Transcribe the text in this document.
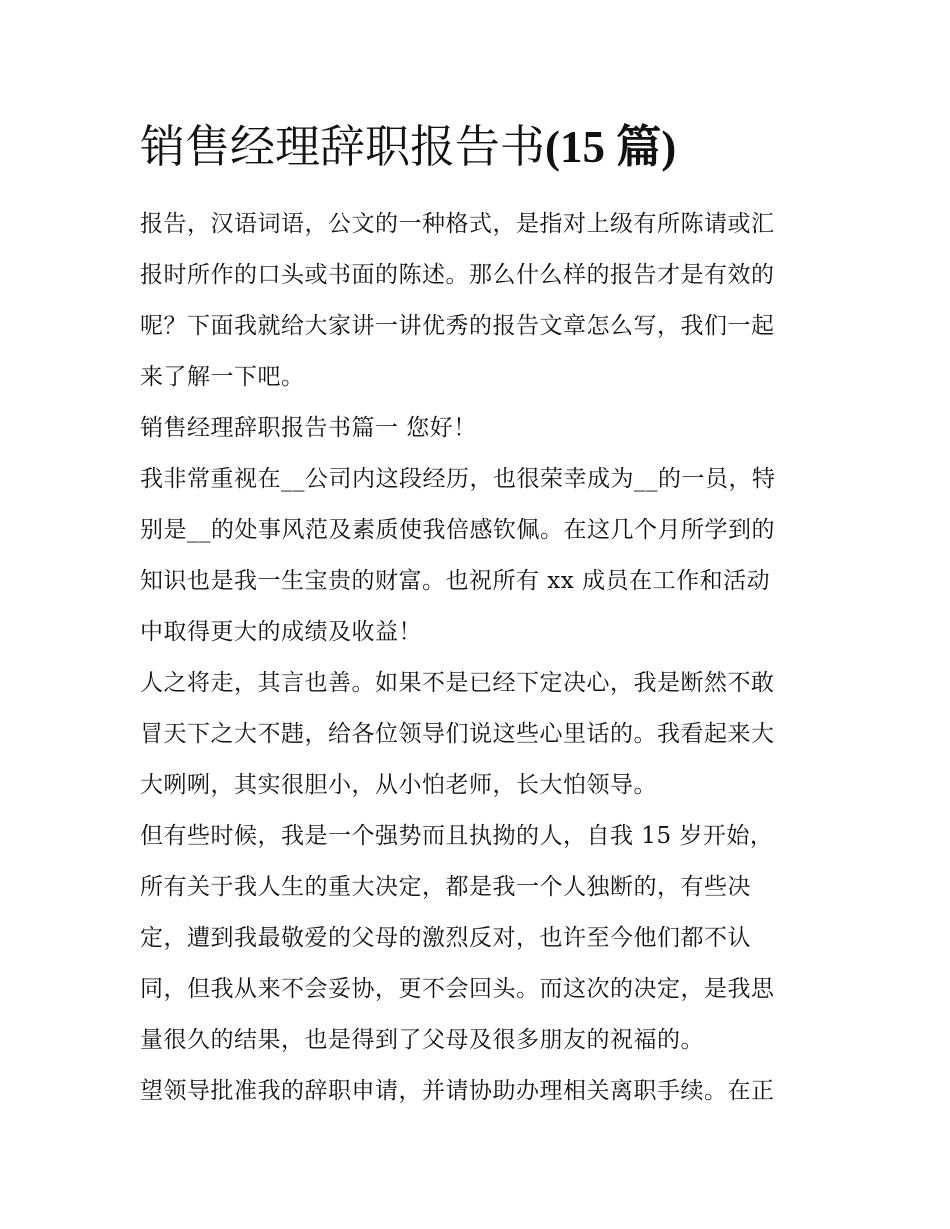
销售经理辞职报告书(15 篇)
报告，汉语词语，公文的一种格式，是指对上级有所陈请或汇
报时所作的口头或书面的陈述。那么什么样的报告才是有效的
呢？下面我就给大家讲一讲优秀的报告文章怎么写，我们一起
来了解一下吧。
销售经理辞职报告书篇一 您好！
我非常重视在__公司内这段经历，也很荣幸成为__的一员，特
别是__的处事风范及素质使我倍感钦佩。在这几个月所学到的
知识也是我一生宝贵的财富。也祝所有 xx 成员在工作和活动
中取得更大的成绩及收益！
人之将走，其言也善。如果不是已经下定决心，我是断然不敢
冒天下之大不韪，给各位领导们说这些心里话的。我看起来大
大咧咧，其实很胆小，从小怕老师，长大怕领导。
但有些时候，我是一个强势而且执拗的人，自我 15 岁开始，
所有关于我人生的重大决定，都是我一个人独断的，有些决
定，遭到我最敬爱的父母的激烈反对，也许至今他们都不认
同，但我从来不会妥协，更不会回头。而这次的决定，是我思
量很久的结果，也是得到了父母及很多朋友的祝福的。
望领导批准我的辞职申请，并请协助办理相关离职手续。在正
